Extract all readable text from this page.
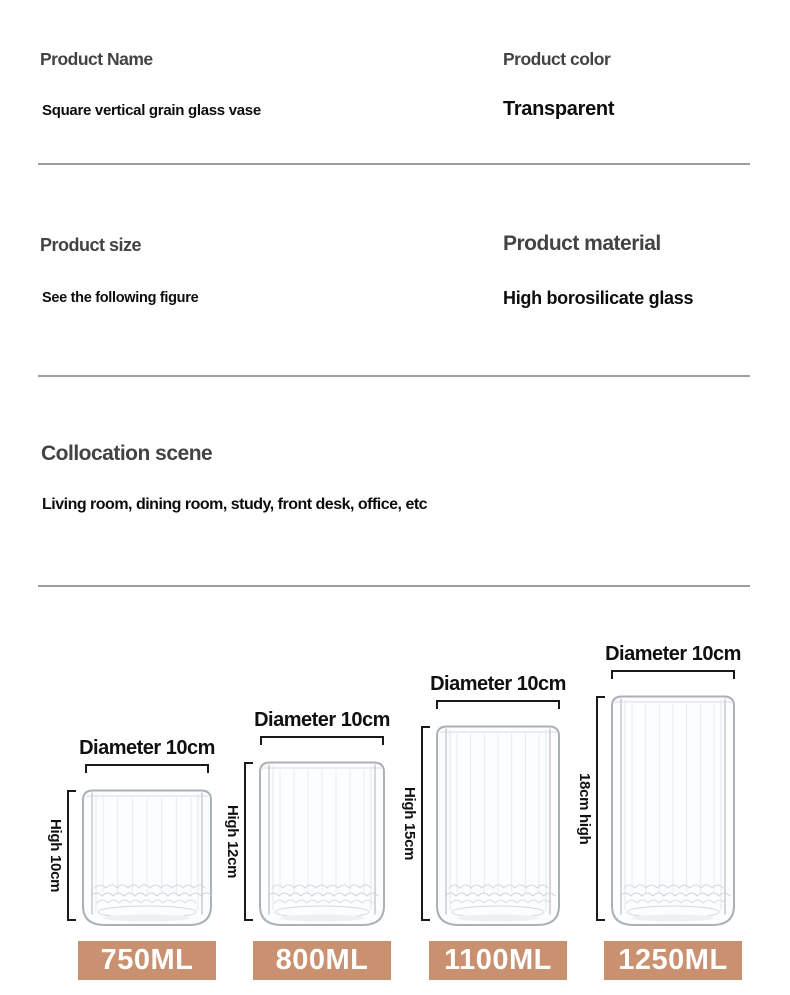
Product Name
Square vertical grain glass vase
Product color
Transparent
Product size
See the following figure
Product material
High borosilicate glass
Collocation scene
Living room, dining room, study, front desk, office, etc
Diameter 10cm
High 10cm
750ML
Diameter 10cm
High 12cm
800ML
Diameter 10cm
High 15cm
1100ML
Diameter 10cm
18cm high
1250ML
